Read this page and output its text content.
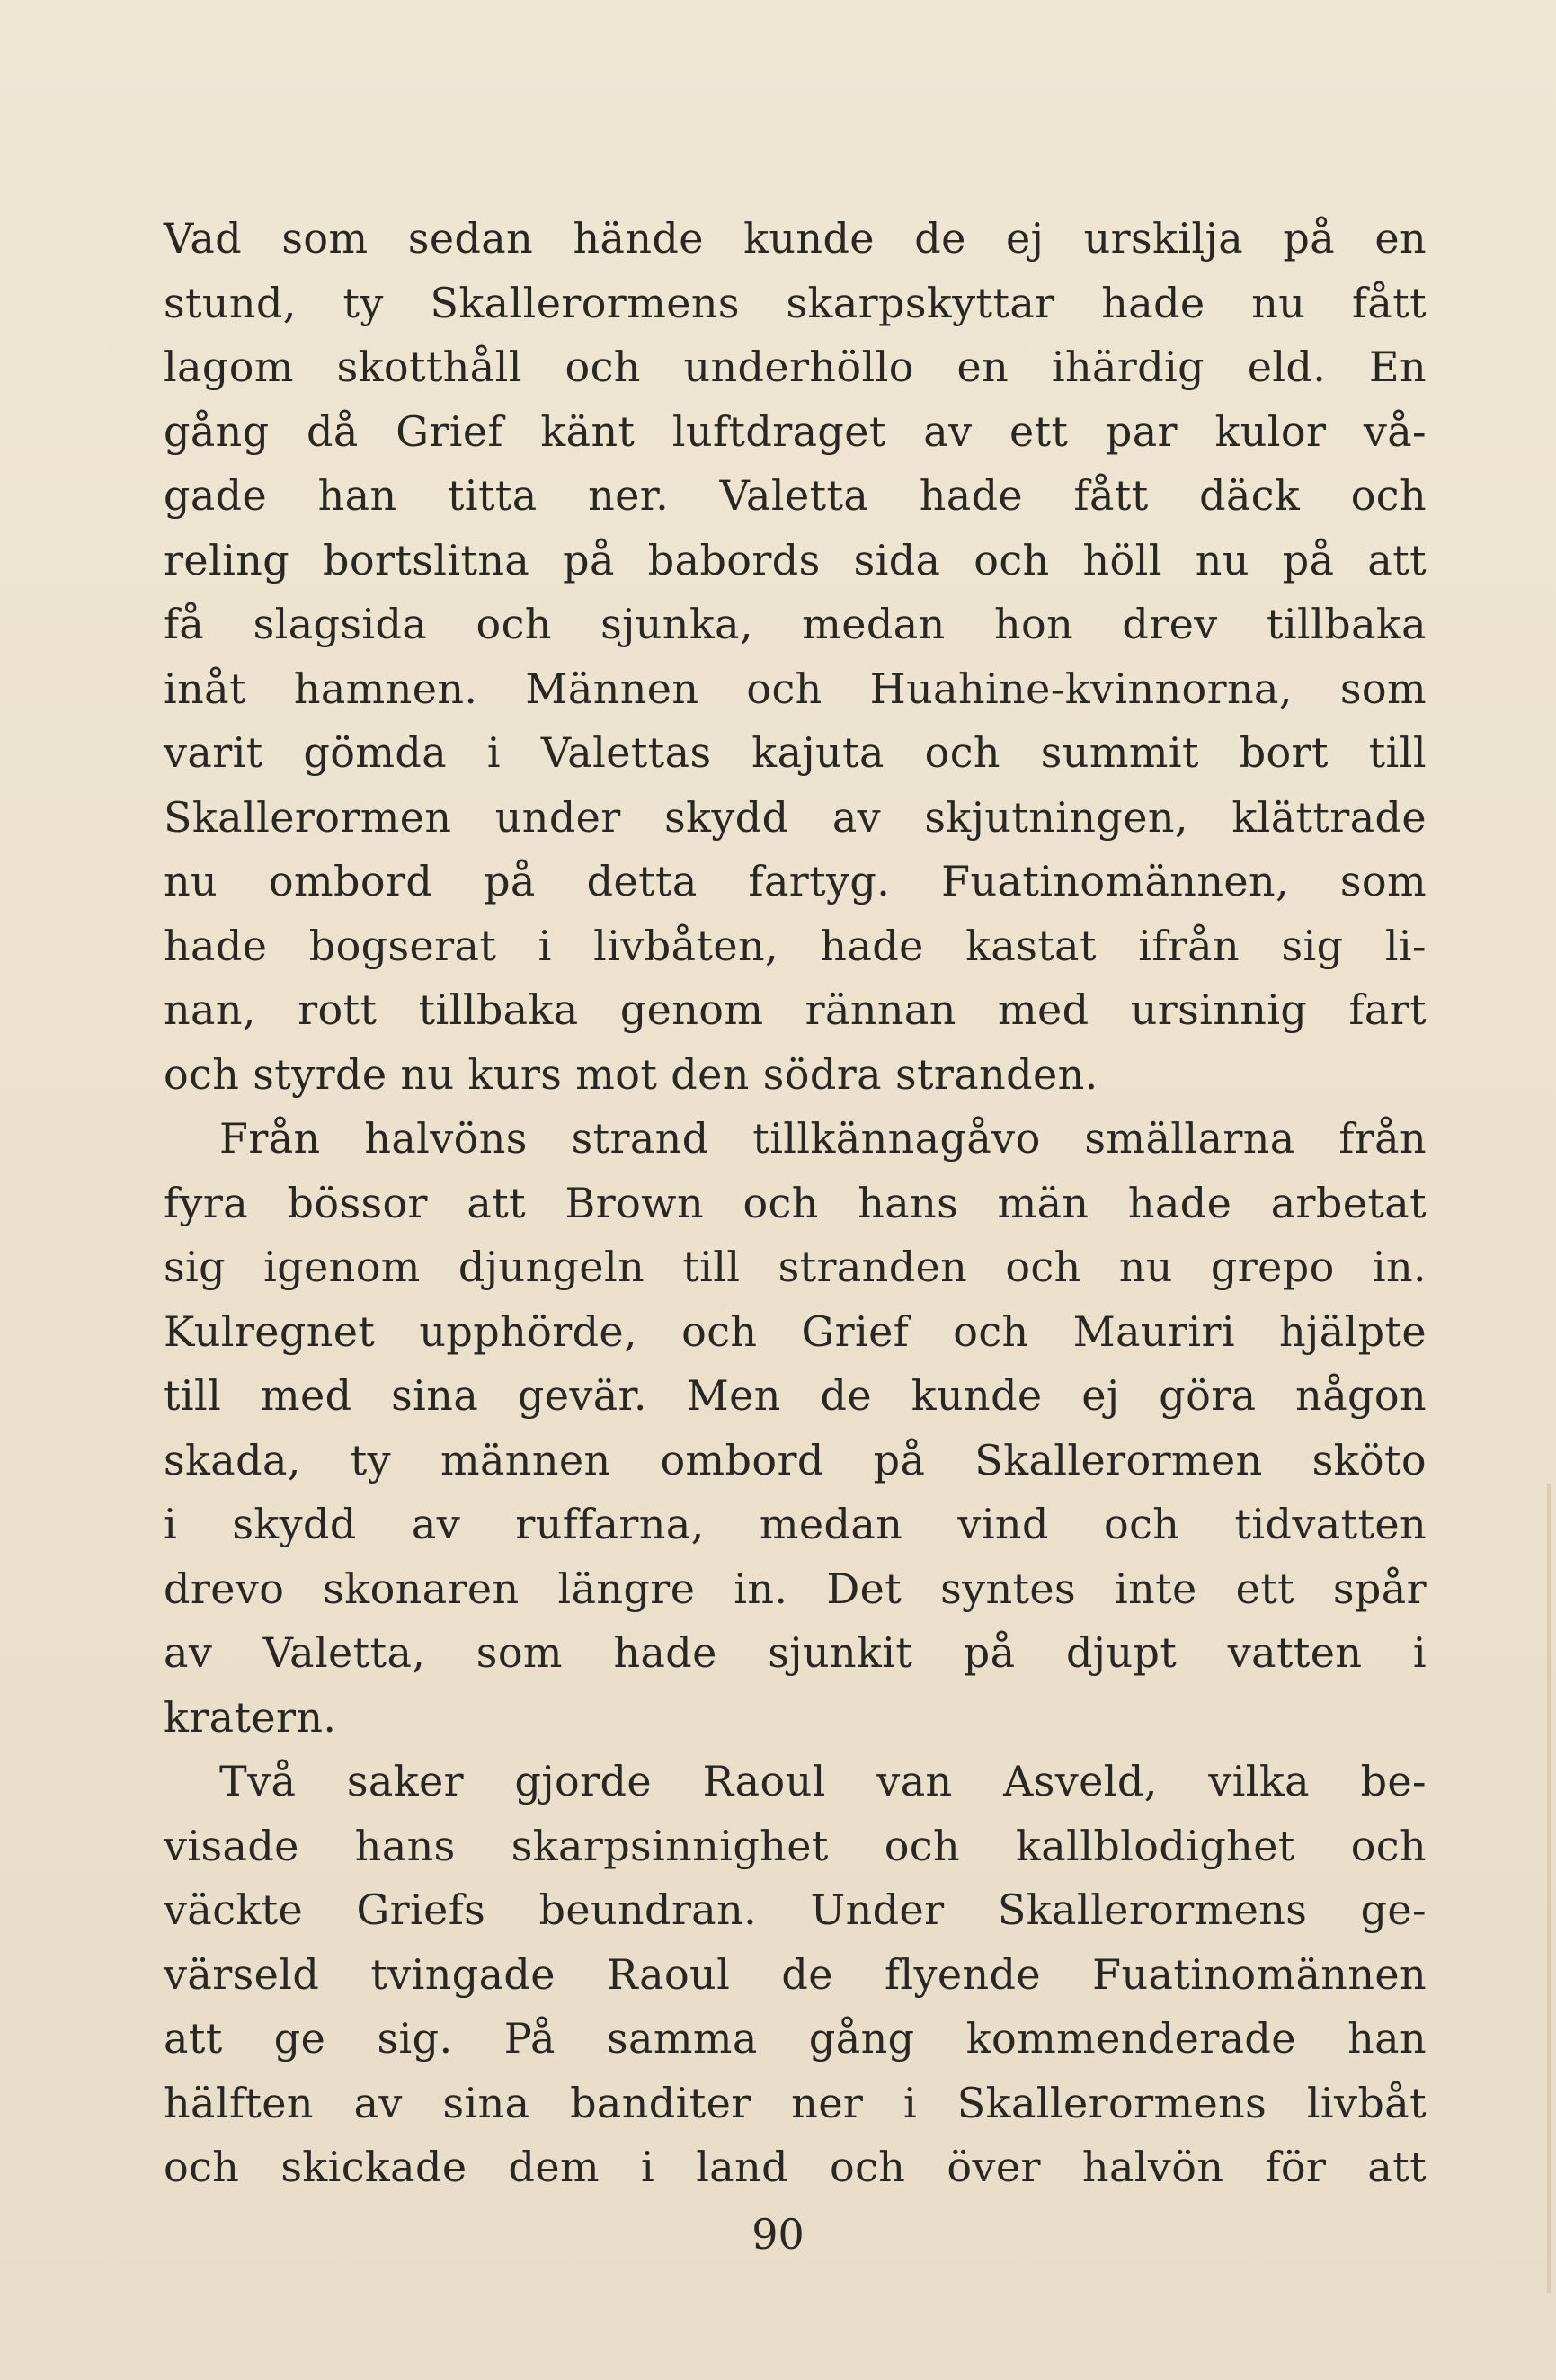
Vad som sedan hände kunde de ej urskilja på en
stund, ty Skallerormens skarpskyttar hade nu fått
lagom skotthåll och underhöllo en ihärdig eld. En
gång då Grief känt luftdraget av ett par kulor vå-
gade han titta ner. Valetta hade fått däck och
reling bortslitna på babords sida och höll nu på att
få slagsida och sjunka, medan hon drev tillbaka
inåt hamnen. Männen och Huahine-kvinnorna, som
varit gömda i Valettas kajuta och summit bort till
Skallerormen under skydd av skjutningen, klättrade
nu ombord på detta fartyg. Fuatinomännen, som
hade bogserat i livbåten, hade kastat ifrån sig li-
nan, rott tillbaka genom rännan med ursinnig fart
och styrde nu kurs mot den södra stranden.
Från halvöns strand tillkännagåvo smällarna från
fyra bössor att Brown och hans män hade arbetat
sig igenom djungeln till stranden och nu grepo in.
Kulregnet upphörde, och Grief och Mauriri hjälpte
till med sina gevär. Men de kunde ej göra någon
skada, ty männen ombord på Skallerormen sköto
i skydd av ruffarna, medan vind och tidvatten
drevo skonaren längre in. Det syntes inte ett spår
av Valetta, som hade sjunkit på djupt vatten i
kratern.
Två saker gjorde Raoul van Asveld, vilka be-
visade hans skarpsinnighet och kallblodighet och
väckte Griefs beundran. Under Skallerormens ge-
värseld tvingade Raoul de flyende Fuatinomännen
att ge sig. På samma gång kommenderade han
hälften av sina banditer ner i Skallerormens livbåt
och skickade dem i land och över halvön för att
90
